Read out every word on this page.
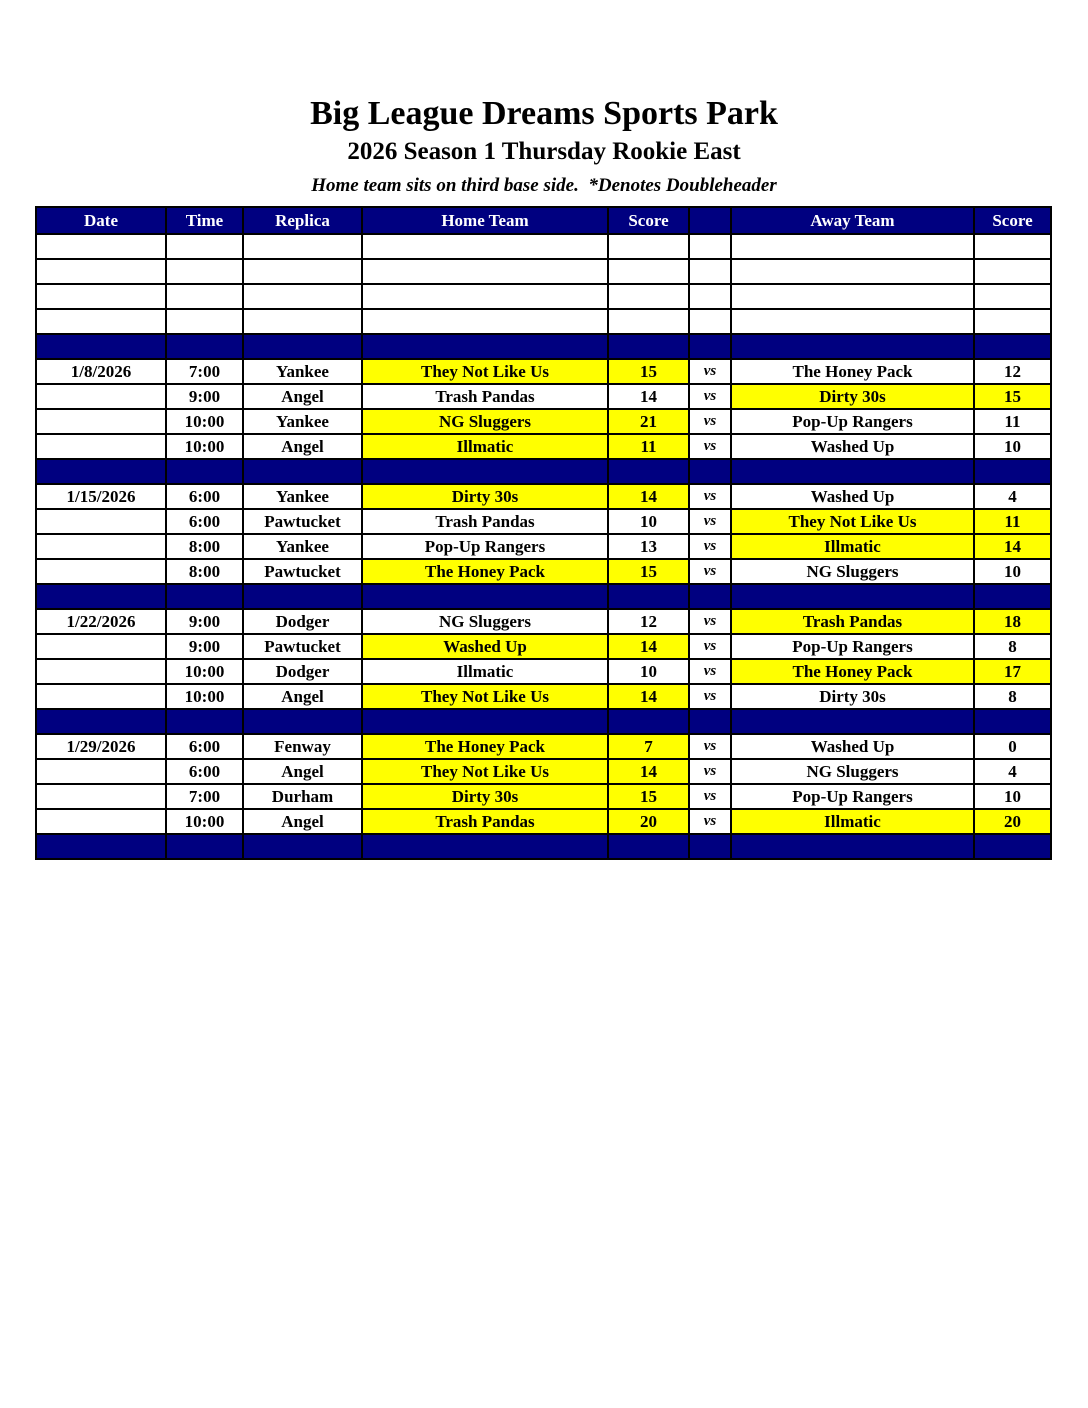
Big League Dreams Sports Park
2026 Season 1 Thursday Rookie East
Home team sits on third base side.  *Denotes Doubleheader
Date	Time	Replica	Home Team	Score		Away Team	Score

1/8/2026	7:00	Yankee	They Not Like Us	15	vs	The Honey Pack	12
	9:00	Angel	Trash Pandas	14	vs	Dirty 30s	15
	10:00	Yankee	NG Sluggers	21	vs	Pop-Up Rangers	11
	10:00	Angel	Illmatic	11	vs	Washed Up	10

1/15/2026	6:00	Yankee	Dirty 30s	14	vs	Washed Up	4
	6:00	Pawtucket	Trash Pandas	10	vs	They Not Like Us	11
	8:00	Yankee	Pop-Up Rangers	13	vs	Illmatic	14
	8:00	Pawtucket	The Honey Pack	15	vs	NG Sluggers	10

1/22/2026	9:00	Dodger	NG Sluggers	12	vs	Trash Pandas	18
	9:00	Pawtucket	Washed Up	14	vs	Pop-Up Rangers	8
	10:00	Dodger	Illmatic	10	vs	The Honey Pack	17
	10:00	Angel	They Not Like Us	14	vs	Dirty 30s	8

1/29/2026	6:00	Fenway	The Honey Pack	7	vs	Washed Up	0
	6:00	Angel	They Not Like Us	14	vs	NG Sluggers	4
	7:00	Durham	Dirty 30s	15	vs	Pop-Up Rangers	10
	10:00	Angel	Trash Pandas	20	vs	Illmatic	20
